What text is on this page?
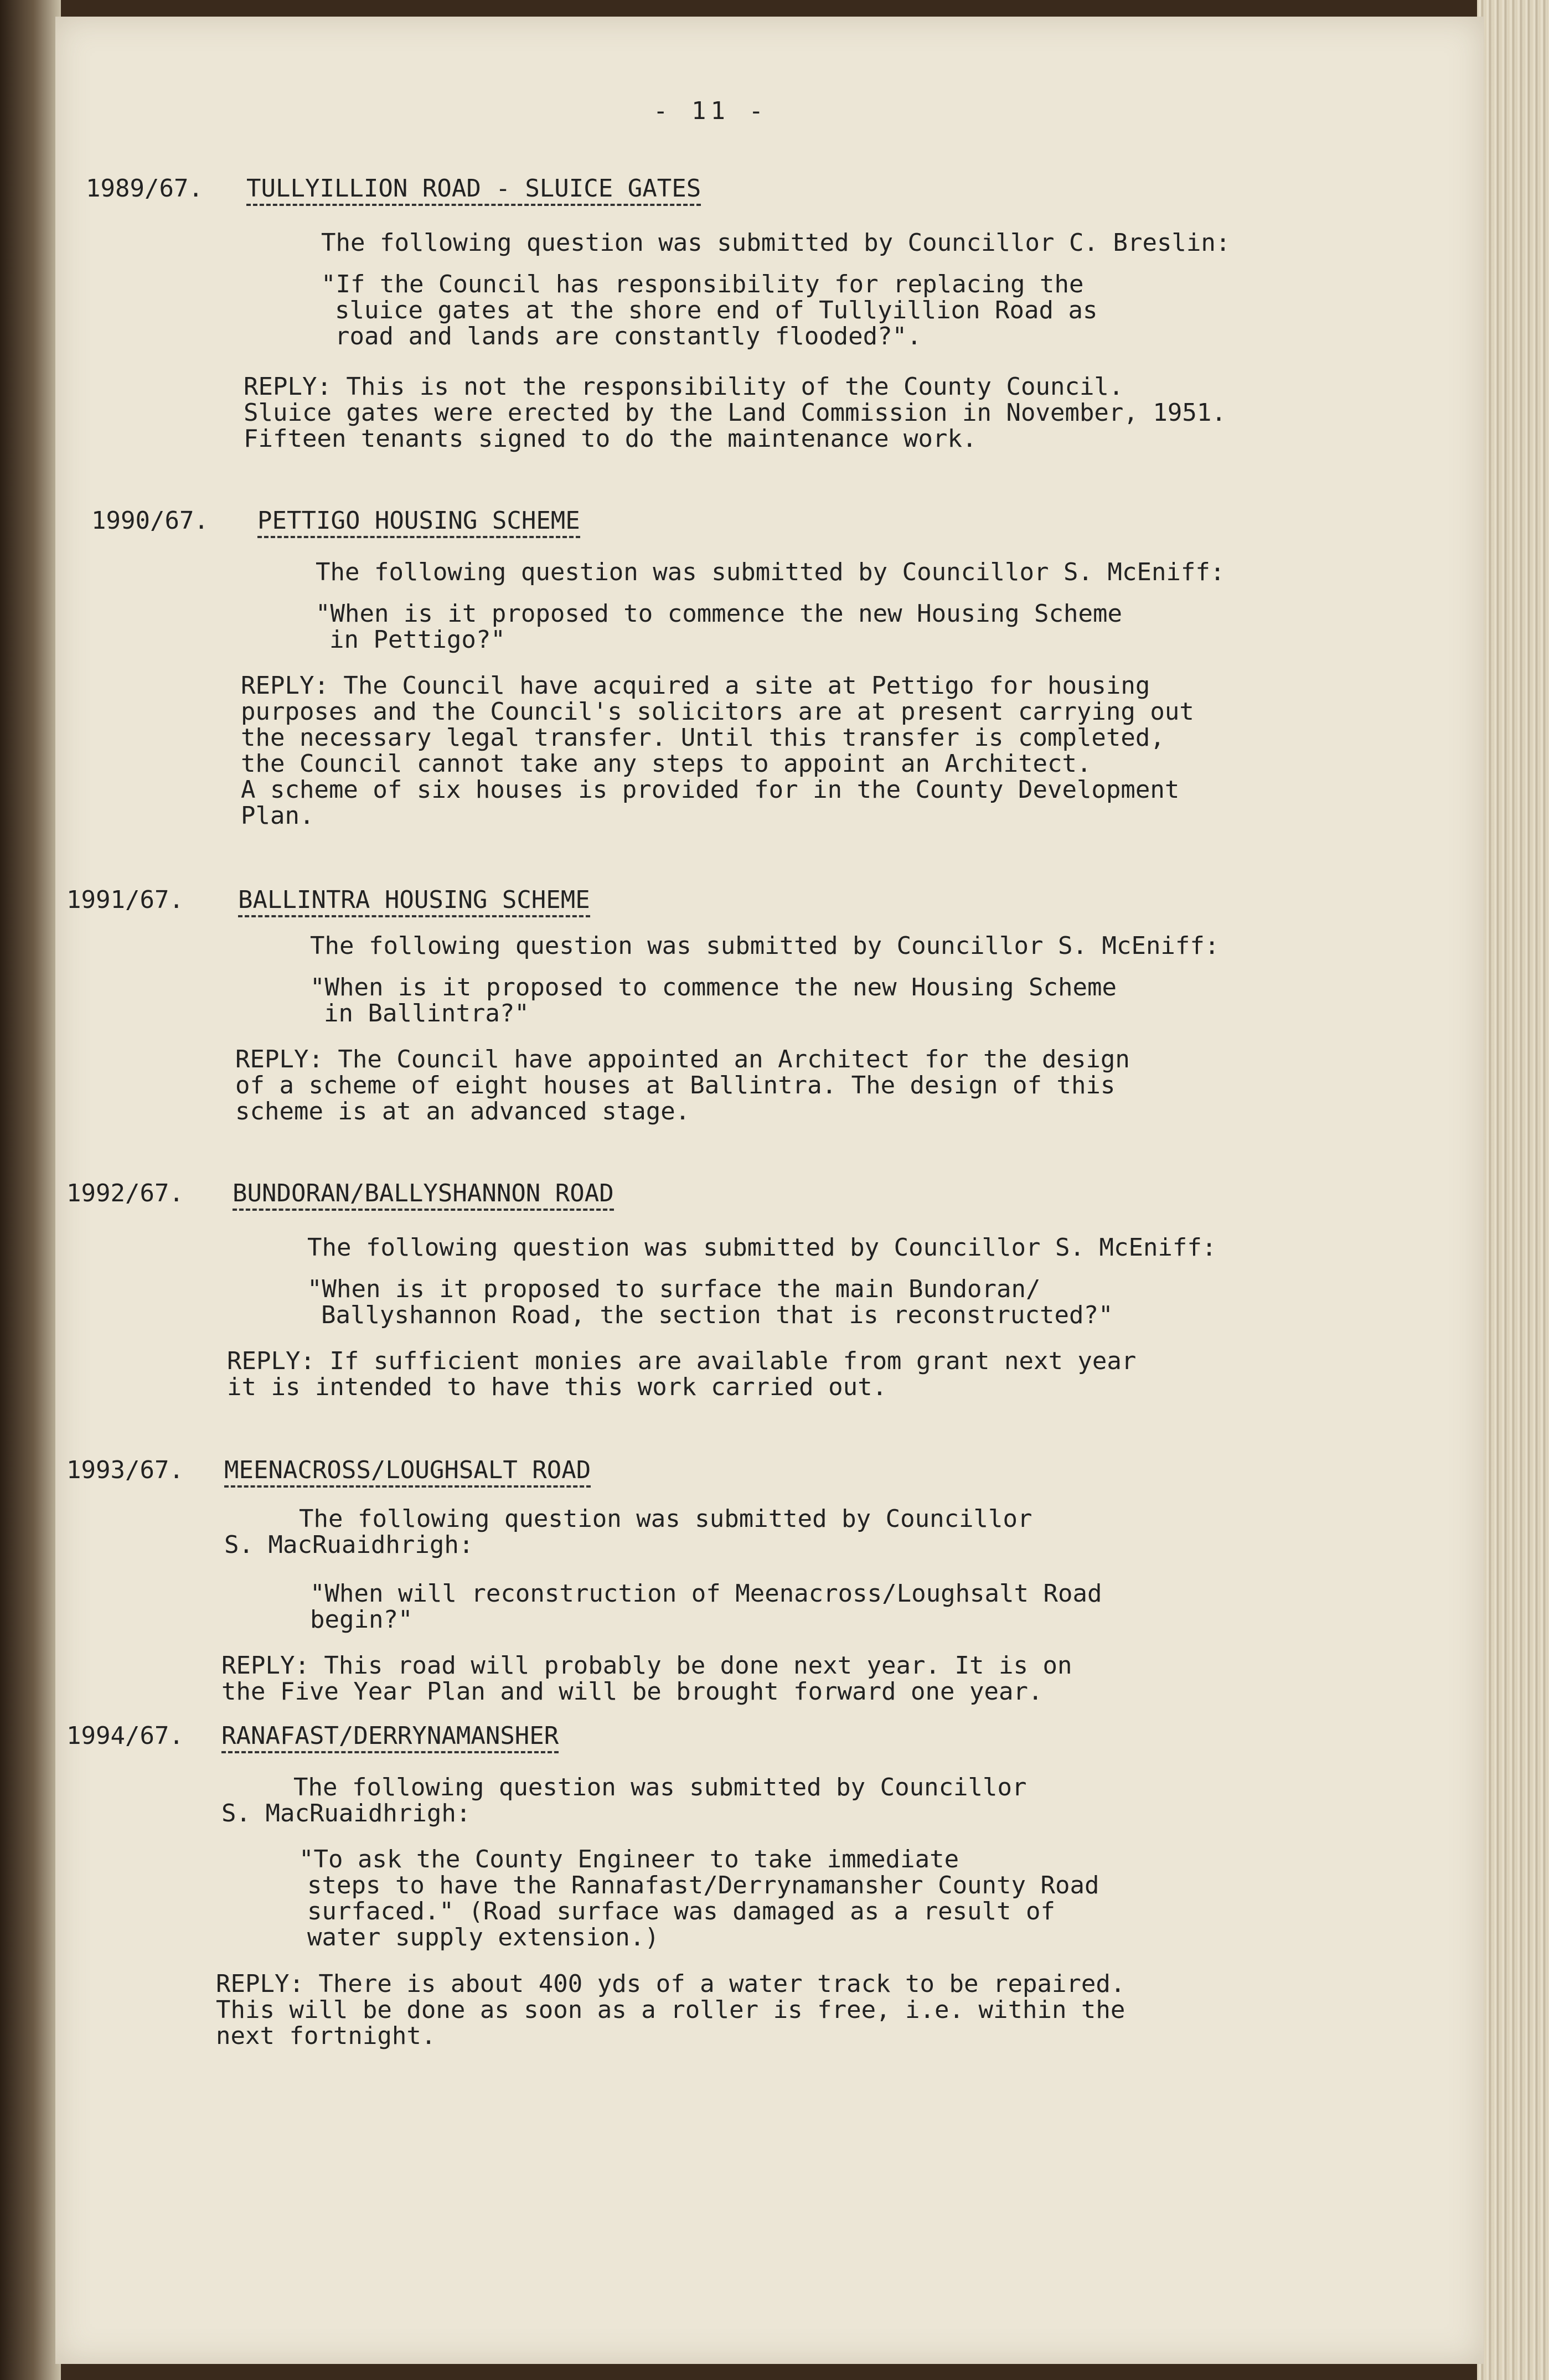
- 11 -
1989/67. TULLYILLION ROAD - SLUICE GATES
The following question was submitted by Councillor C. Breslin:
"If the Council has responsibility for replacing the
sluice gates at the shore end of Tullyillion Road as
road and lands are constantly flooded?".
REPLY: This is not the responsibility of the County Council.
Sluice gates were erected by the Land Commission in November, 1951.
Fifteen tenants signed to do the maintenance work.
1990/67. PETTIGO HOUSING SCHEME
The following question was submitted by Councillor S. McEniff:
"When is it proposed to commence the new Housing Scheme
in Pettigo?"
REPLY: The Council have acquired a site at Pettigo for housing
purposes and the Council's solicitors are at present carrying out
the necessary legal transfer. Until this transfer is completed,
the Council cannot take any steps to appoint an Architect.
A scheme of six houses is provided for in the County Development
Plan.
1991/67. BALLINTRA HOUSING SCHEME
The following question was submitted by Councillor S. McEniff:
"When is it proposed to commence the new Housing Scheme
in Ballintra?"
REPLY: The Council have appointed an Architect for the design
of a scheme of eight houses at Ballintra. The design of this
scheme is at an advanced stage.
1992/67. BUNDORAN/BALLYSHANNON ROAD
The following question was submitted by Councillor S. McEniff:
"When is it proposed to surface the main Bundoran/
Ballyshannon Road, the section that is reconstructed?"
REPLY: If sufficient monies are available from grant next year
it is intended to have this work carried out.
1993/67. MEENACROSS/LOUGHSALT ROAD
The following question was submitted by Councillor
S. MacRuaidhrigh:
"When will reconstruction of Meenacross/Loughsalt Road
begin?"
REPLY: This road will probably be done next year. It is on
the Five Year Plan and will be brought forward one year.
1994/67. RANAFAST/DERRYNAMANSHER
The following question was submitted by Councillor
S. MacRuaidhrigh:
"To ask the County Engineer to take immediate
steps to have the Rannafast/Derrynamansher County Road
surfaced." (Road surface was damaged as a result of
water supply extension.)
REPLY: There is about 400 yds of a water track to be repaired.
This will be done as soon as a roller is free, i.e. within the
next fortnight.
